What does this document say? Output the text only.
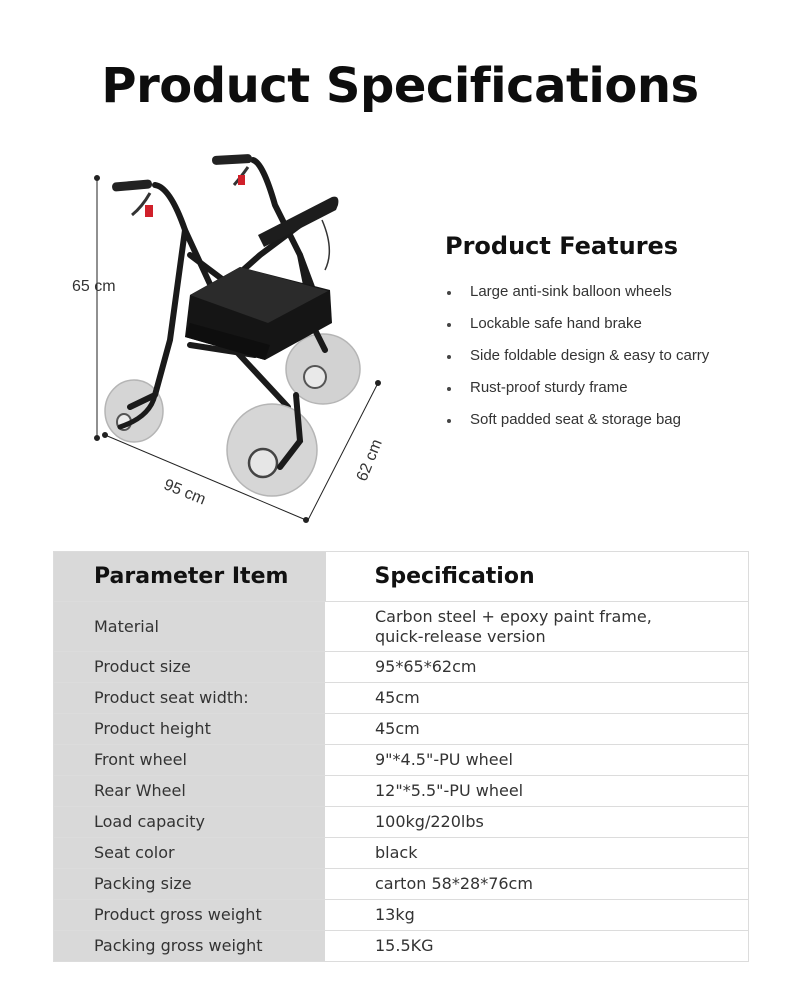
Product Specifications
65 cm
95 cm
62 cm
Product Features
Large anti-sink balloon wheels
Lockable safe hand brake
Side foldable design & easy to carry
Rust-proof sturdy frame
Soft padded seat & storage bag
Parameter Item	Specification
Material	Carbon steel + epoxy paint frame,
quick-release version

Product size	95*65*62cm
Product seat width:	45cm
Product height	45cm
Front wheel	9"*4.5"-PU wheel
Rear Wheel	12"*5.5"-PU wheel
Load capacity	100kg/220lbs
Seat color	black
Packing size	carton 58*28*76cm
Product gross weight	13kg
Packing gross weight	15.5KG
